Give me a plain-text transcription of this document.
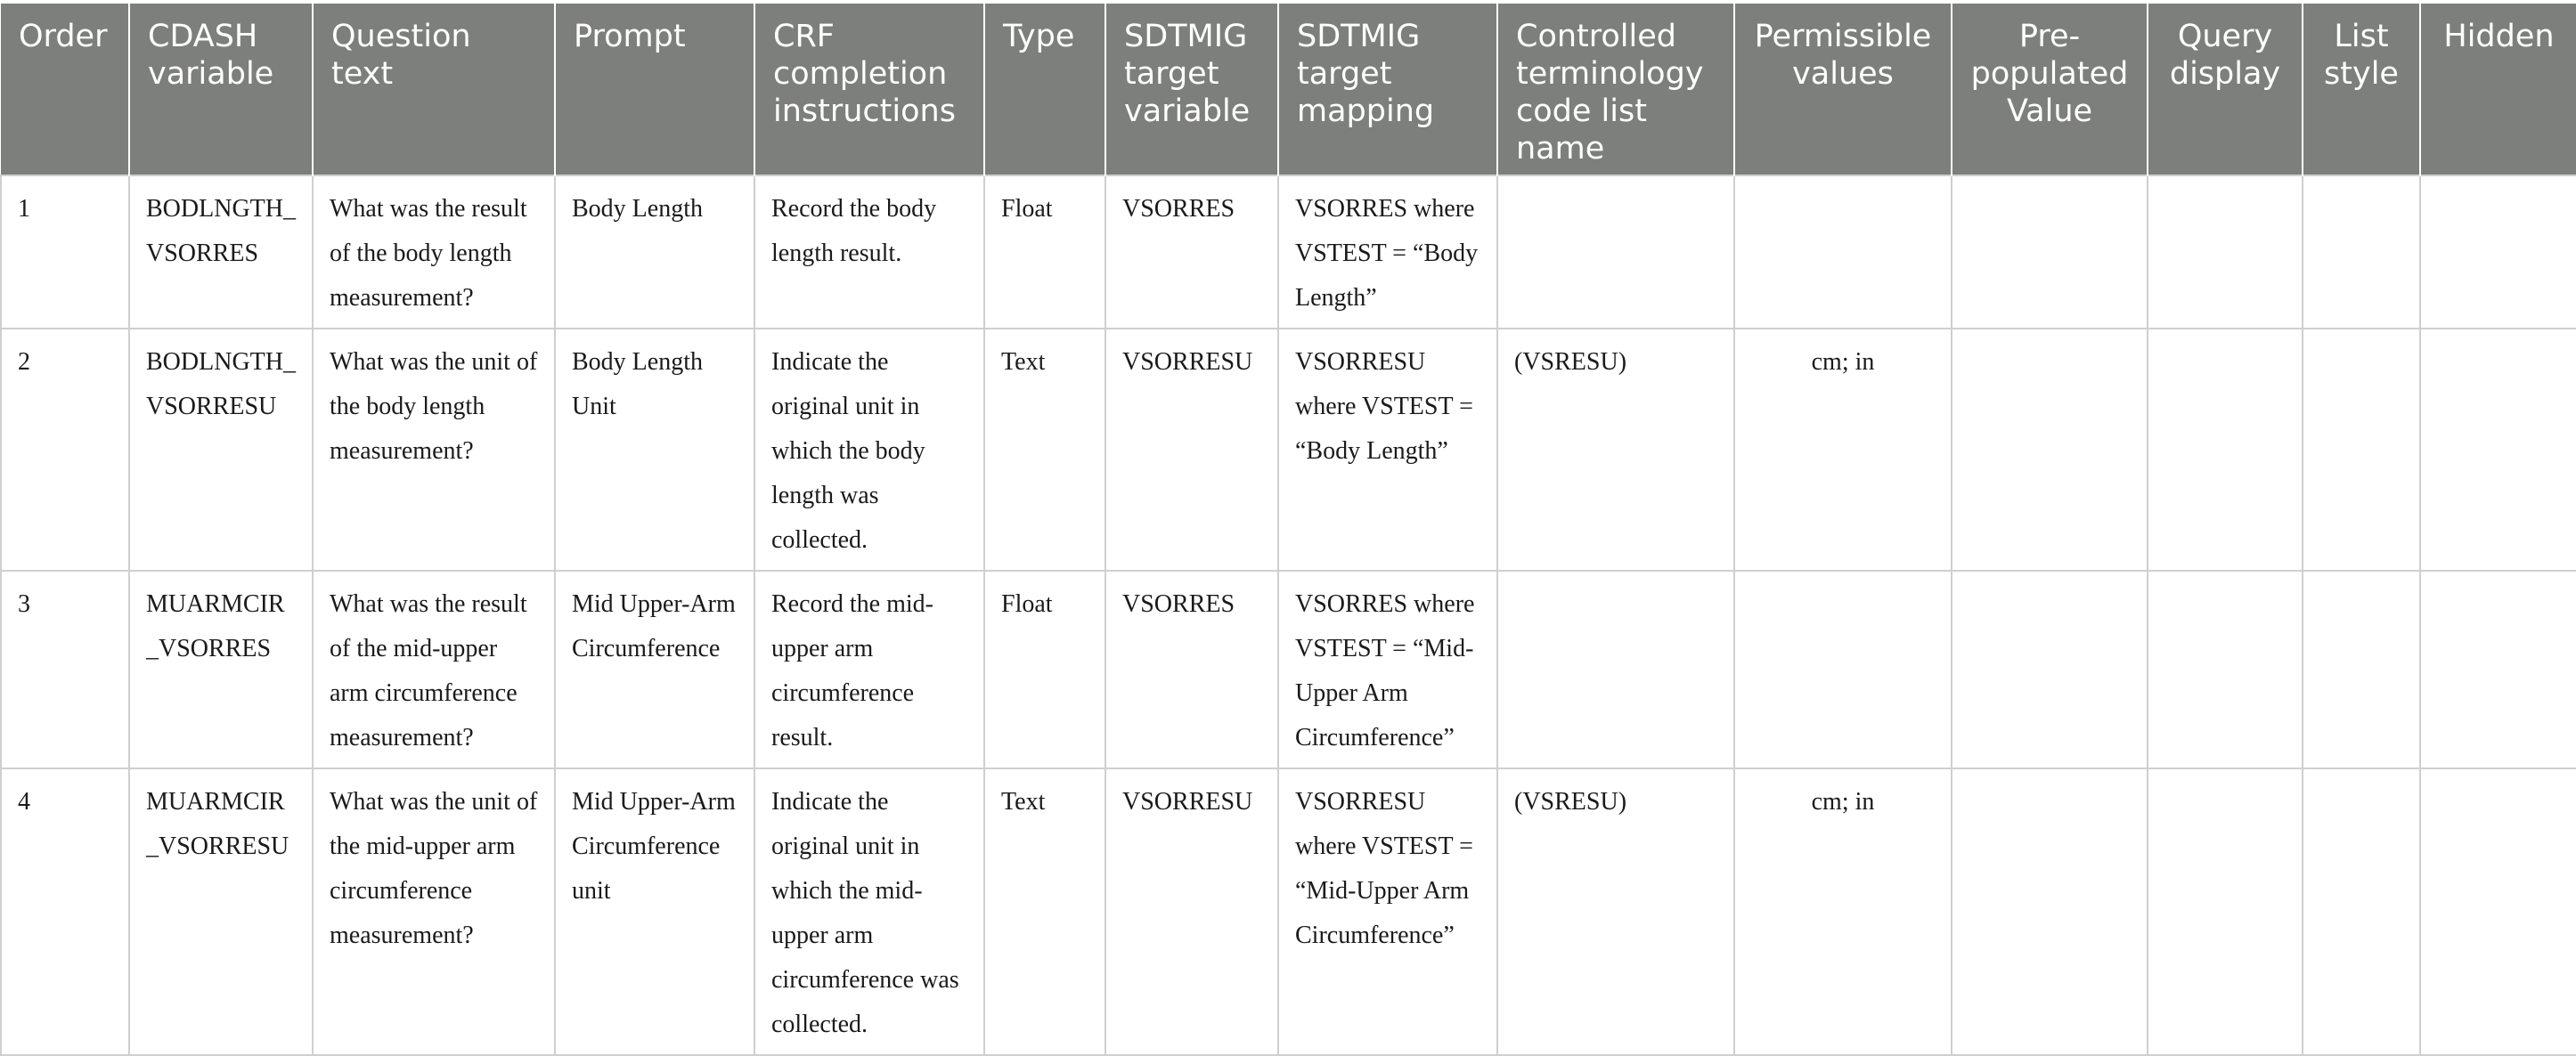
Order	CDASH variable	Question text	Prompt	CRF completion instructions	Type	SDTMIG target variable	SDTMIG target mapping	Controlled terminology code list name	Permissible values	Pre-populated Value	Query display	List style	Hidden
1	BODLNGTH_VSORRES	What was the result of the body length measurement?	Body Length	Record the body length result.	Float	VSORRES	VSORRES where VSTEST = “Body Length”						
2	BODLNGTH_VSORRESU	What was the unit of the body length measurement?	Body Length Unit	Indicate the original unit in which the body length was collected.	Text	VSORRESU	VSORRESU where VSTEST = “Body Length”	(VSRESU)	cm; in				
3	MUARMCIR_VSORRES	What was the result of the mid-upper arm circumference measurement?	Mid Upper-Arm Circumference	Record the mid-upper arm circumference result.	Float	VSORRES	VSORRES where VSTEST = “Mid-Upper Arm Circumference”						
4	MUARMCIR_VSORRESU	What was the unit of the mid-upper arm circumference measurement?	Mid Upper-Arm Circumference unit	Indicate the original unit in which the mid-upper arm circumference was collected.	Text	VSORRESU	VSORRESU where VSTEST = “Mid-Upper Arm Circumference”	(VSRESU)	cm; in				
